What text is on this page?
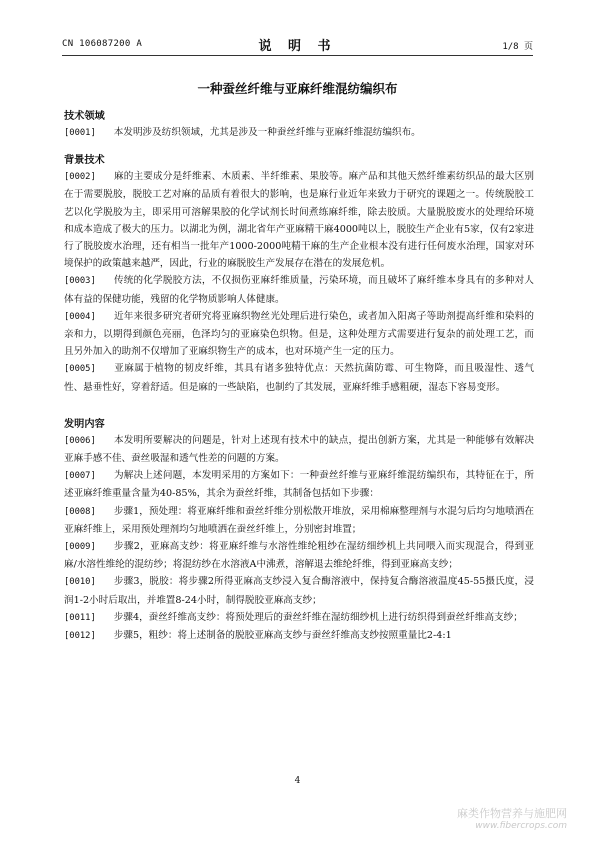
CN 106087200 A	说 明 书	1/8 页
一种蚕丝纤维与亚麻纤维混纺编织布
技术领域
[0001] 本发明涉及纺织领域，尤其是涉及一种蚕丝纤维与亚麻纤维混纺编织布。
背景技术
[0002] 麻的主要成分是纤维素、木质素、半纤维素、果胶等。麻产品和其他天然纤维素纺织品的最大区别在于需要脱胶，脱胶工艺对麻的品质有着很大的影响，也是麻行业近年来致力于研究的课题之一。传统脱胶工艺以化学脱胶为主，即采用可溶解果胶的化学试剂长时间煮练麻纤维，除去胶质。大量脱胶废水的处理给环境和成本造成了极大的压力。以湖北为例，湖北省年产亚麻精干麻4000吨以上，脱胶生产企业有5家，仅有2家进行了脱胶废水治理，还有相当一批年产1000-2000吨精干麻的生产企业根本没有进行任何废水治理，国家对环境保护的政策越来越严，因此，行业的麻脱胶生产发展存在潜在的发展危机。
[0003] 传统的化学脱胶方法，不仅损伤亚麻纤维质量，污染环境，而且破坏了麻纤维本身具有的多种对人体有益的保健功能，残留的化学物质影响人体健康。
[0004] 近年来很多研究者研究将亚麻织物丝光处理后进行染色，或者加入阳离子等助剂提高纤维和染料的亲和力，以期得到颜色亮丽，色泽均匀的亚麻染色织物。但是，这种处理方式需要进行复杂的前处理工艺，而且另外加入的助剂不仅增加了亚麻织物生产的成本，也对环境产生一定的压力。
[0005] 亚麻属于植物的韧皮纤维，其具有诸多独特优点：天然抗菌防霉、可生物降，而且吸湿性、透气性、悬垂性好，穿着舒适。但是麻的一些缺陷，也制约了其发展，亚麻纤维手感粗硬，湿态下容易变形。
发明内容
[0006] 本发明所要解决的问题是，针对上述现有技术中的缺点，提出创新方案，尤其是一种能够有效解决亚麻手感不佳、蚕丝吸湿和透气性差的问题的方案。
[0007] 为解决上述问题，本发明采用的方案如下：一种蚕丝纤维与亚麻纤维混纺编织布，其特征在于，所述亚麻纤维重量含量为40-85%，其余为蚕丝纤维，其制备包括如下步骤：
[0008] 步骤1，预处理：将亚麻纤维和蚕丝纤维分别松散开堆放，采用棉麻整理剂与水混匀后均匀地喷洒在亚麻纤维上，采用预处理剂均匀地喷洒在蚕丝纤维上，分别密封堆置；
[0009] 步骤2，亚麻高支纱：将亚麻纤维与水溶性维纶粗纱在湿纺细纱机上共同喂入而实现混合，得到亚麻/水溶性维纶的混纺纱；将混纺纱在水溶液A中沸煮，溶解退去维纶纤维，得到亚麻高支纱；
[0010] 步骤3，脱胶：将步骤2所得亚麻高支纱浸入复合酶溶液中，保持复合酶溶液温度45-55摄氏度，浸润1-2小时后取出，并堆置8-24小时，制得脱胶亚麻高支纱；
[0011] 步骤4，蚕丝纤维高支纱：将预处理后的蚕丝纤维在湿纺细纱机上进行纺织得到蚕丝纤维高支纱；
[0012] 步骤5，粗纱：将上述制备的脱胶亚麻高支纱与蚕丝纤维高支纱按照重量比2-4:1
4
麻类作物营养与施肥网
www.fibercrops.com
